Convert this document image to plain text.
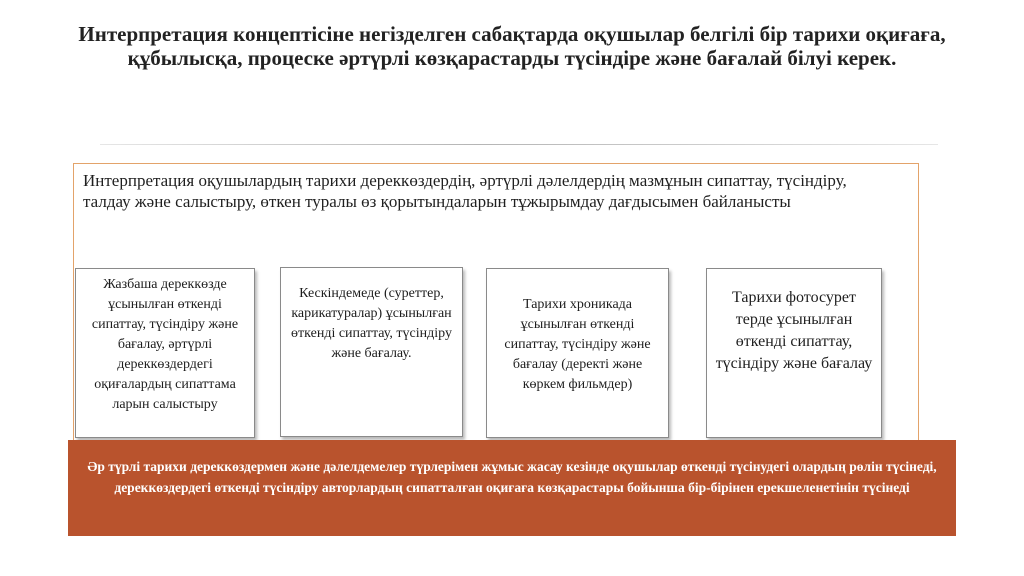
Интерпретация концептісіне негізделген сабақтарда оқушылар белгілі бір тарихи оқиғаға, құбылысқа, процеске әртүрлі көзқарастарды түсіндіре және бағалай білуі керек.
Интерпретация оқушылардың тарихи дереккөздердің, әртүрлі дәлелдердің мазмұнын сипаттау, түсіндіру, талдау және салыстыру, өткен туралы өз қорытындаларын тұжырымдау дағдысымен байланысты
Жазбаша дереккөзде ұсынылған өткенді сипаттау, түсіндіру және бағалау, әртүрлі дереккөздердегі оқиғалардың сипаттама ларын салыстыру
Кескіндемеде (суреттер, карикатуралар) ұсынылған өткенді сипаттау, түсіндіру және бағалау.
Тарихи хроникада ұсынылған өткенді сипаттау, түсіндіру және бағалау (деректі және көркем фильмдер)
Тарихи фотосурет терде ұсынылған өткенді сипаттау, түсіндіру және бағалау
Әр түрлі тарихи дереккөздермен және дәлелдемелер түрлерімен жұмыс жасау кезінде оқушылар өткенді түсінудегі олардың рөлін түсінеді, дереккөздердегі өткенді түсіндіру авторлардың сипатталған оқиғаға көзқарастары бойынша бір-бірінен ерекшеленетінін түсінеді
